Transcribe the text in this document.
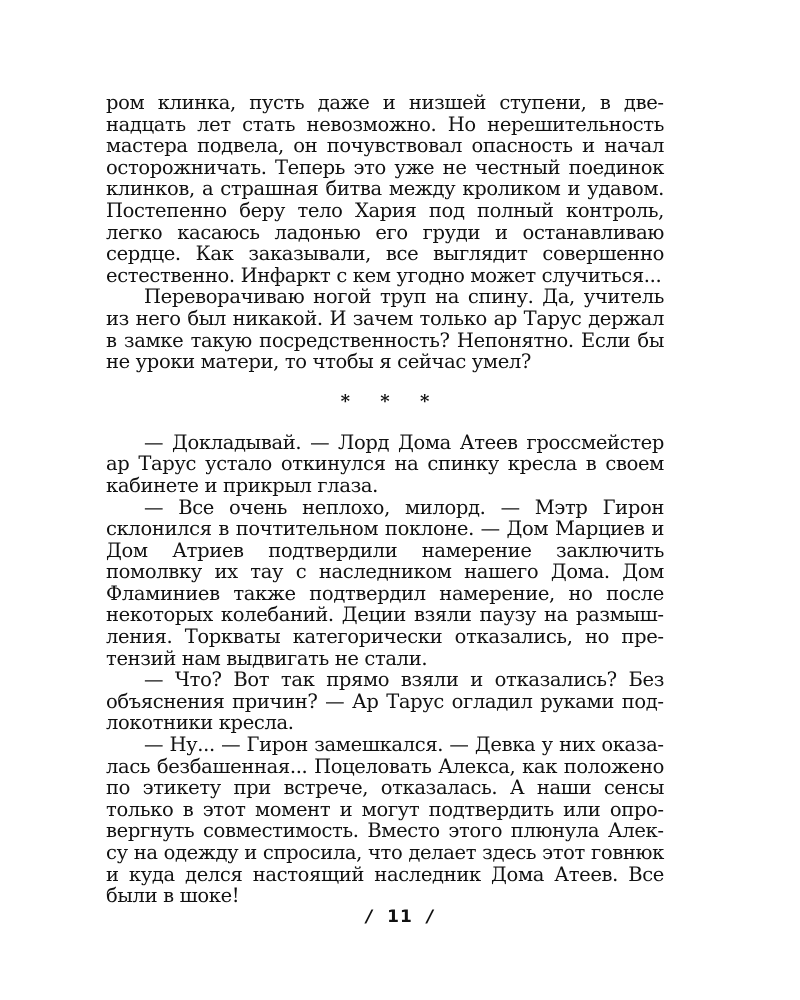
ром клинка, пусть даже и низшей ступени, в двенадцать лет стать невозможно. Но нерешительность мастера подвела, он почувствовал опасность и начал осторожничать. Теперь это уже не честный поединок клинков, а страшная битва между кроликом и удавом. Постепенно беру тело Хария под полный контроль, легко касаюсь ладонью его груди и останавливаю сердце. Как заказывали, все выглядит совершенно естественно. Инфаркт с кем угодно может случиться...

Переворачиваю ногой труп на спину. Да, учитель из него был никакой. И зачем только ар Тарус держал в замке такую посредственность? Непонятно. Если бы не уроки матери, то чтобы я сейчас умел?

* * *

— Докладывай. — Лорд Дома Атеев гроссмейстер ар Тарус устало откинулся на спинку кресла в своем кабинете и прикрыл глаза.

— Все очень неплохо, милорд. — Мэтр Гирон склонился в почтительном поклоне. — Дом Марциев и Дом Атриев подтвердили намерение заключить помолвку их тау с наследником нашего Дома. Дом Фламиниев также подтвердил намерение, но после некоторых колебаний. Деции взяли паузу на размышления. Торкваты категорически отказались, но претензий нам выдвигать не стали.

— Что? Вот так прямо взяли и отказались? Без объяснения причин? — Ар Тарус огладил руками подлокотники кресла.

— Ну... — Гирон замешкался. — Девка у них оказалась безбашенная... Поцеловать Алекса, как положено по этикету при встрече, отказалась. А наши сенсы только в этот момент и могут подтвердить или опровергнуть совместимость. Вместо этого плюнула Алексу на одежду и спросила, что делает здесь этот говнюк и куда делся настоящий наследник Дома Атеев. Все были в шоке!

/ 11 /
